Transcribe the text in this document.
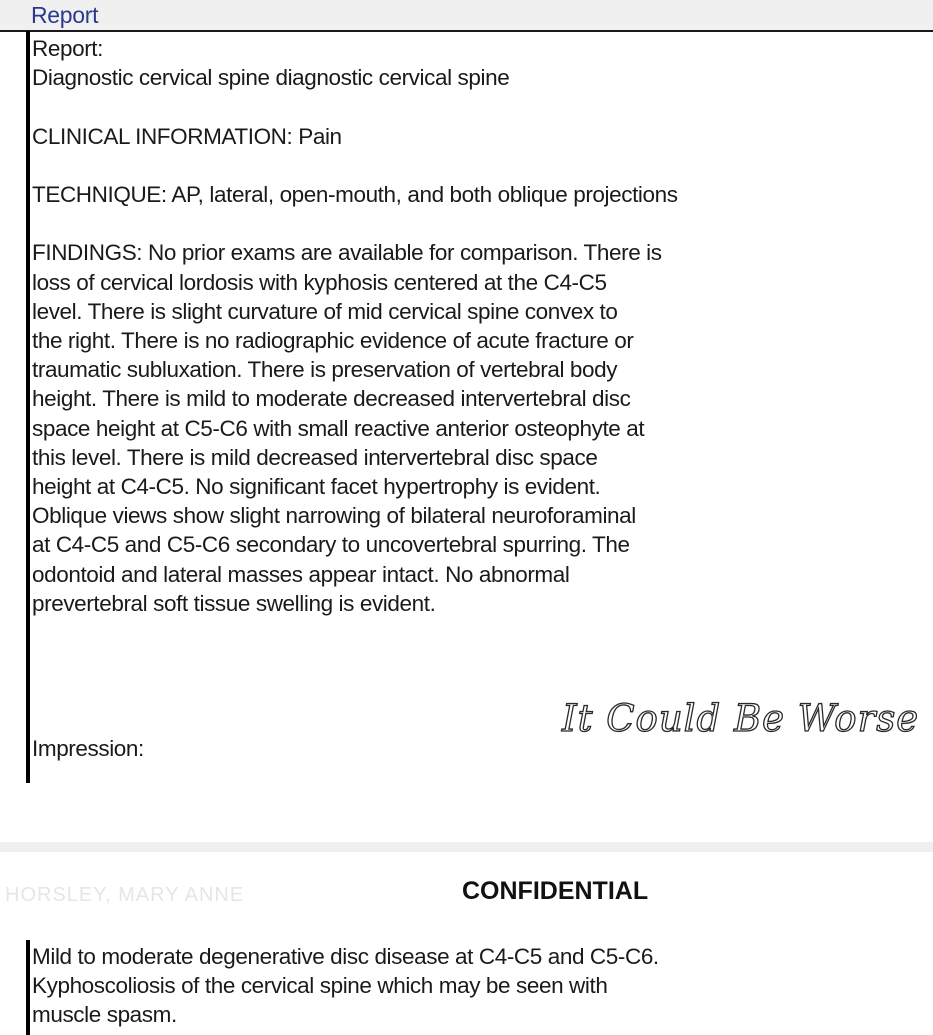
Report

Report:

Diagnostic cervical spine diagnostic cervical spine

CLINICAL INFORMATION: Pain

TECHNIQUE: AP, lateral, open-mouth, and both oblique projections

FINDINGS: No prior exams are available for comparison. There is

loss of cervical lordosis with kyphosis centered at the C4-C5

level. There is slight curvature of mid cervical spine convex to

the right. There is no radiographic evidence of acute fracture or

traumatic subluxation. There is preservation of vertebral body

height. There is mild to moderate decreased intervertebral disc

space height at C5-C6 with small reactive anterior osteophyte at

this level. There is mild decreased intervertebral disc space

height at C4-C5. No significant facet hypertrophy is evident.

Oblique views show slight narrowing of bilateral neuroforaminal

at C4-C5 and C5-C6 secondary to uncovertebral spurring. The

odontoid and lateral masses appear intact. No abnormal

prevertebral soft tissue swelling is evident.

It Could Be Worse
Impression:
HORSLEY, MARY ANNE	CONFIDENTIAL

Mild to moderate degenerative disc disease at C4-C5 and C5-C6.

Kyphoscoliosis of the cervical spine which may be seen with

muscle spasm.
